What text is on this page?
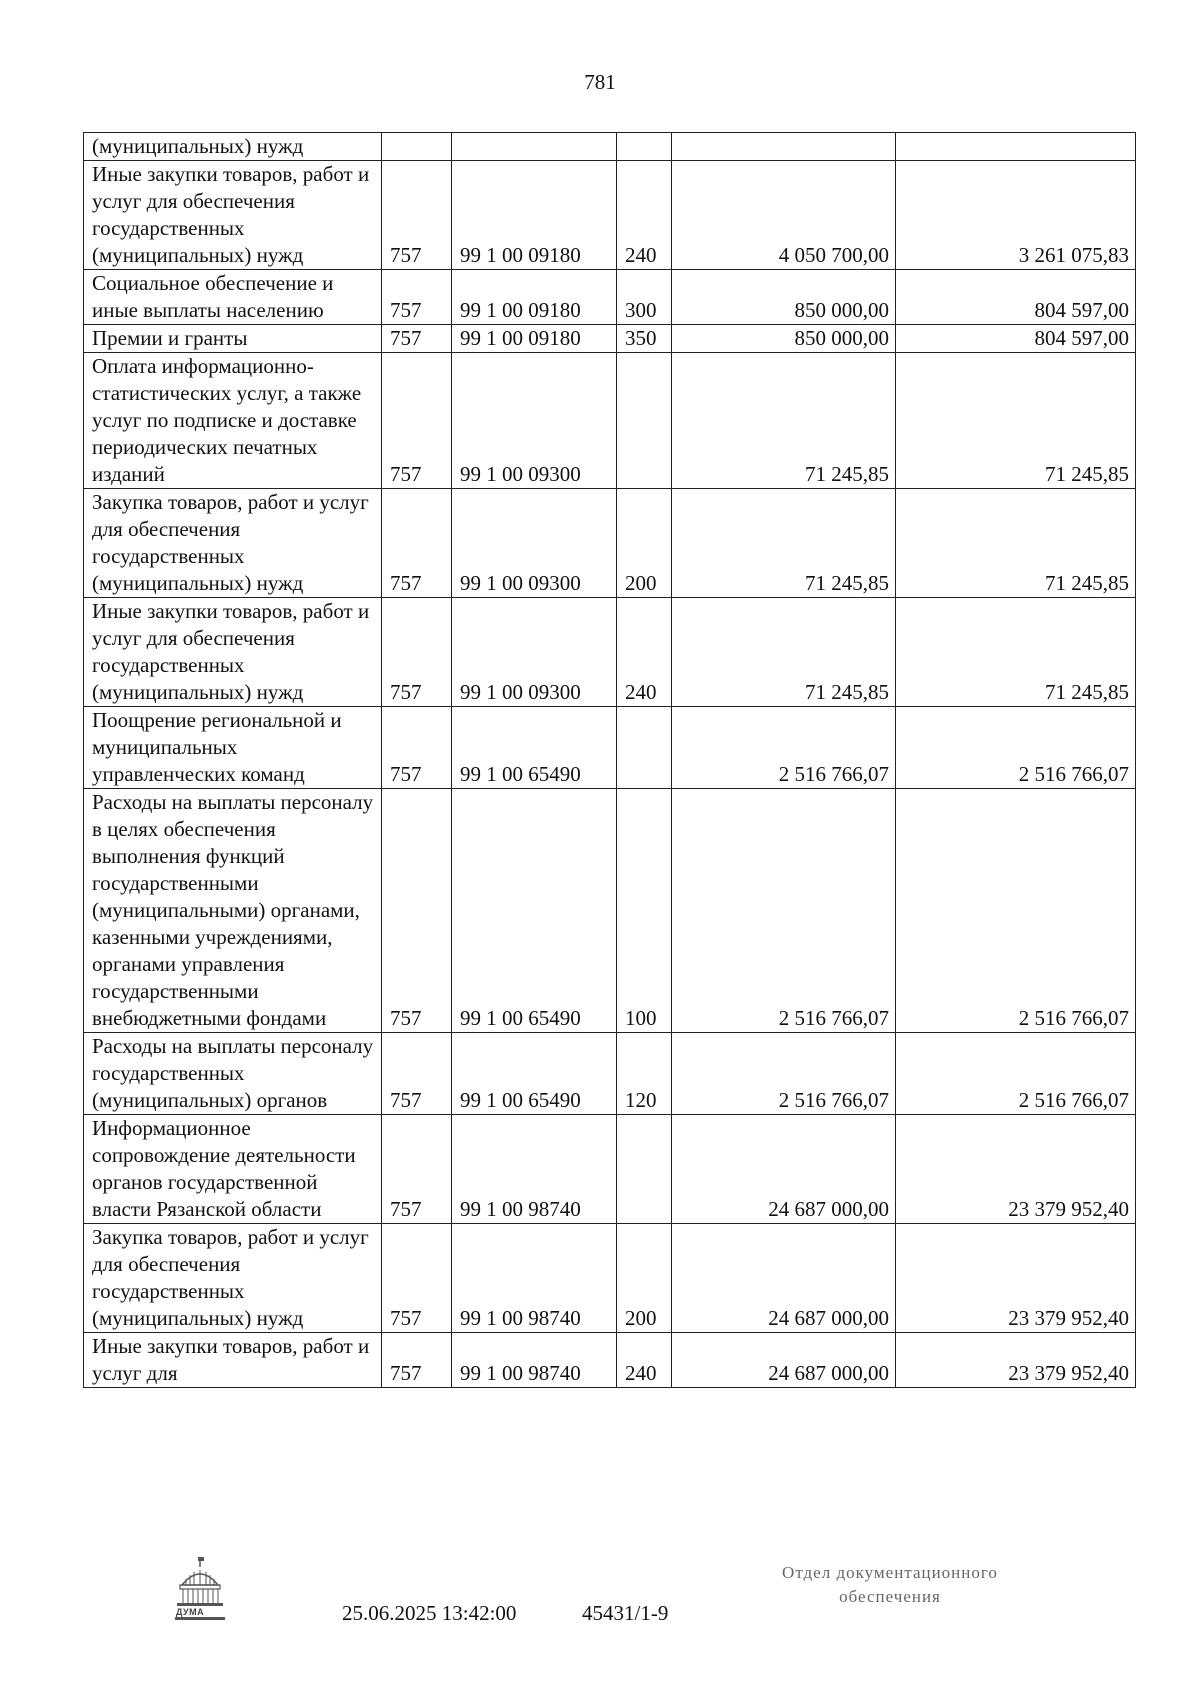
781
(муниципальных) нужд					
Иные закупки товаров, работ и услуг для обеспечения государственных (муниципальных) нужд	757	99 1 00 09180	240	4 050 700,00	3 261 075,83
Социальное обеспечение и иные выплаты населению	757	99 1 00 09180	300	850 000,00	804 597,00
Премии и гранты	757	99 1 00 09180	350	850 000,00	804 597,00
Оплата информационно-статистических услуг, а также услуг по подписке и доставке периодических печатных изданий	757	99 1 00 09300		71 245,85	71 245,85
Закупка товаров, работ и услуг для обеспечения государственных (муниципальных) нужд	757	99 1 00 09300	200	71 245,85	71 245,85
Иные закупки товаров, работ и услуг для обеспечения государственных (муниципальных) нужд	757	99 1 00 09300	240	71 245,85	71 245,85
Поощрение региональной и муниципальных управленческих команд	757	99 1 00 65490		2 516 766,07	2 516 766,07
Расходы на выплаты персоналу в целях обеспечения выполнения функций государственными (муниципальными) органами, казенными учреждениями, органами управления государственными внебюджетными фондами	757	99 1 00 65490	100	2 516 766,07	2 516 766,07
Расходы на выплаты персоналу государственных (муниципальных) органов	757	99 1 00 65490	120	2 516 766,07	2 516 766,07
Информационное сопровождение деятельности органов государственной власти Рязанской области	757	99 1 00 98740		24 687 000,00	23 379 952,40
Закупка товаров, работ и услуг для обеспечения государственных (муниципальных) нужд	757	99 1 00 98740	200	24 687 000,00	23 379 952,40
Иные закупки товаров, работ и услуг для	757	99 1 00 98740	240	24 687 000,00	23 379 952,40
ДУМА	25.06.2025 13:42:00	45431/1-9
Отдел документационного
обеспечения
